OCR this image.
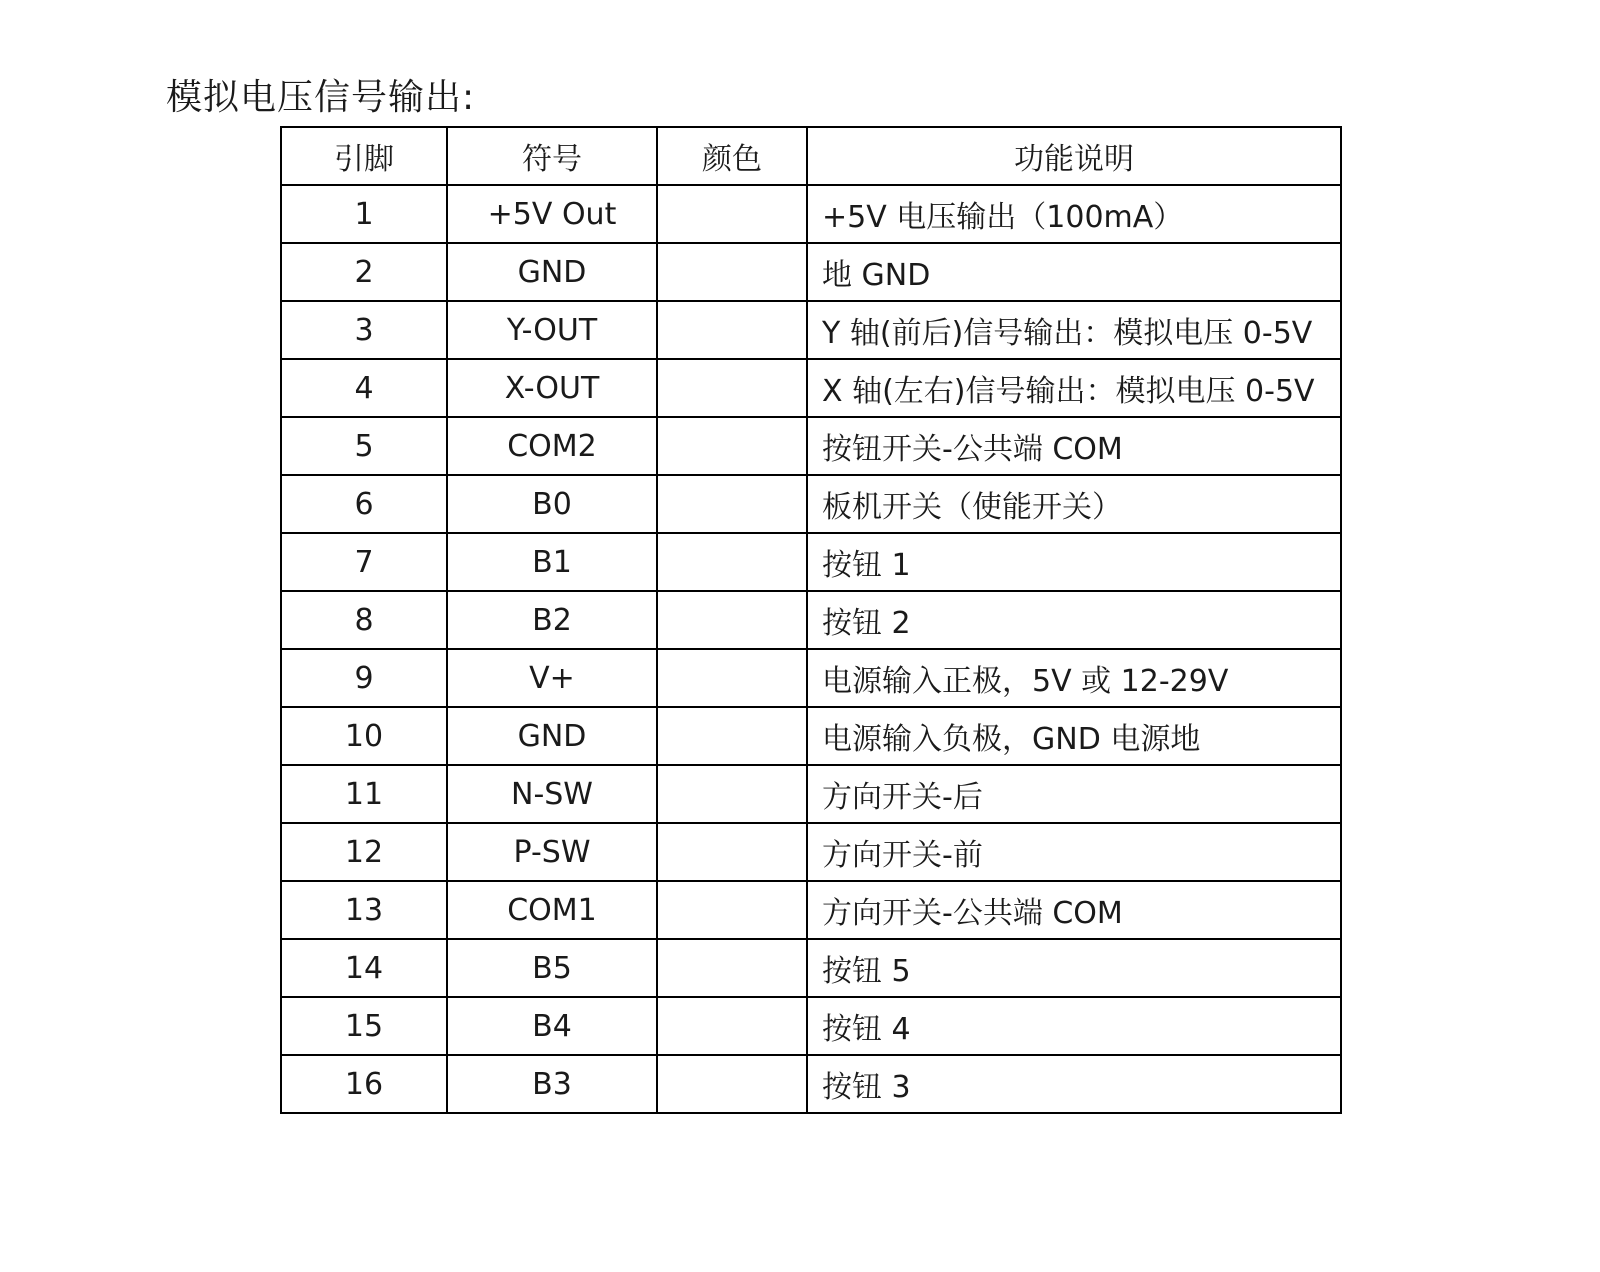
模拟电压信号输出:
引脚	符号	颜色	功能说明
1	+5V Out		+5V 电压输出（100mA）
2	GND		地 GND
3	Y-OUT		Y 轴(前后)信号输出：模拟电压 0-5V
4	X-OUT		X 轴(左右)信号输出：模拟电压 0-5V
5	COM2		按钮开关-公共端 COM
6	B0		板机开关（使能开关）
7	B1		按钮 1
8	B2		按钮 2
9	V+		电源输入正极，5V 或 12-29V
10	GND		电源输入负极，GND 电源地
11	N-SW		方向开关-后
12	P-SW		方向开关-前
13	COM1		方向开关-公共端 COM
14	B5		按钮 5
15	B4		按钮 4
16	B3		按钮 3
